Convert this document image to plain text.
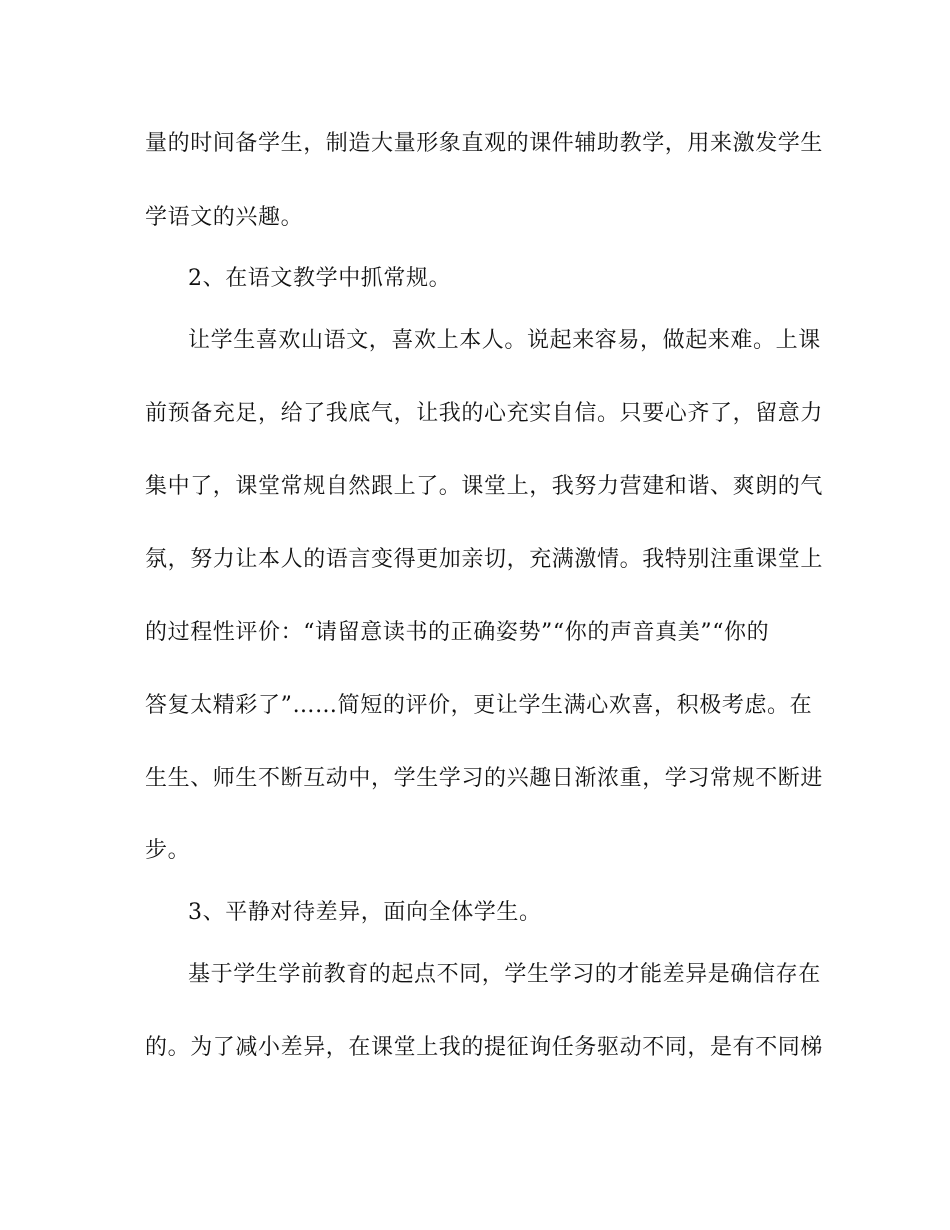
量的时间备学生，制造大量形象直观的课件辅助教学，用来激发学生
学语文的兴趣。
2、在语文教学中抓常规。
让学生喜欢山语文，喜欢上本人。说起来容易，做起来难。上课
前预备充足，给了我底气，让我的心充实自信。只要心齐了，留意力
集中了，课堂常规自然跟上了。课堂上，我努力营建和谐、爽朗的气
氛，努力让本人的语言变得更加亲切，充满激情。我特别注重课堂上
的过程性评价：“请留意读书的正确姿势”“你的声音真美”“你的
答复太精彩了”……简短的评价，更让学生满心欢喜，积极考虑。在
生生、师生不断互动中，学生学习的兴趣日渐浓重，学习常规不断进
步。
3、平静对待差异，面向全体学生。
基于学生学前教育的起点不同，学生学习的才能差异是确信存在
的。为了减小差异，在课堂上我的提征询任务驱动不同，是有不同梯
